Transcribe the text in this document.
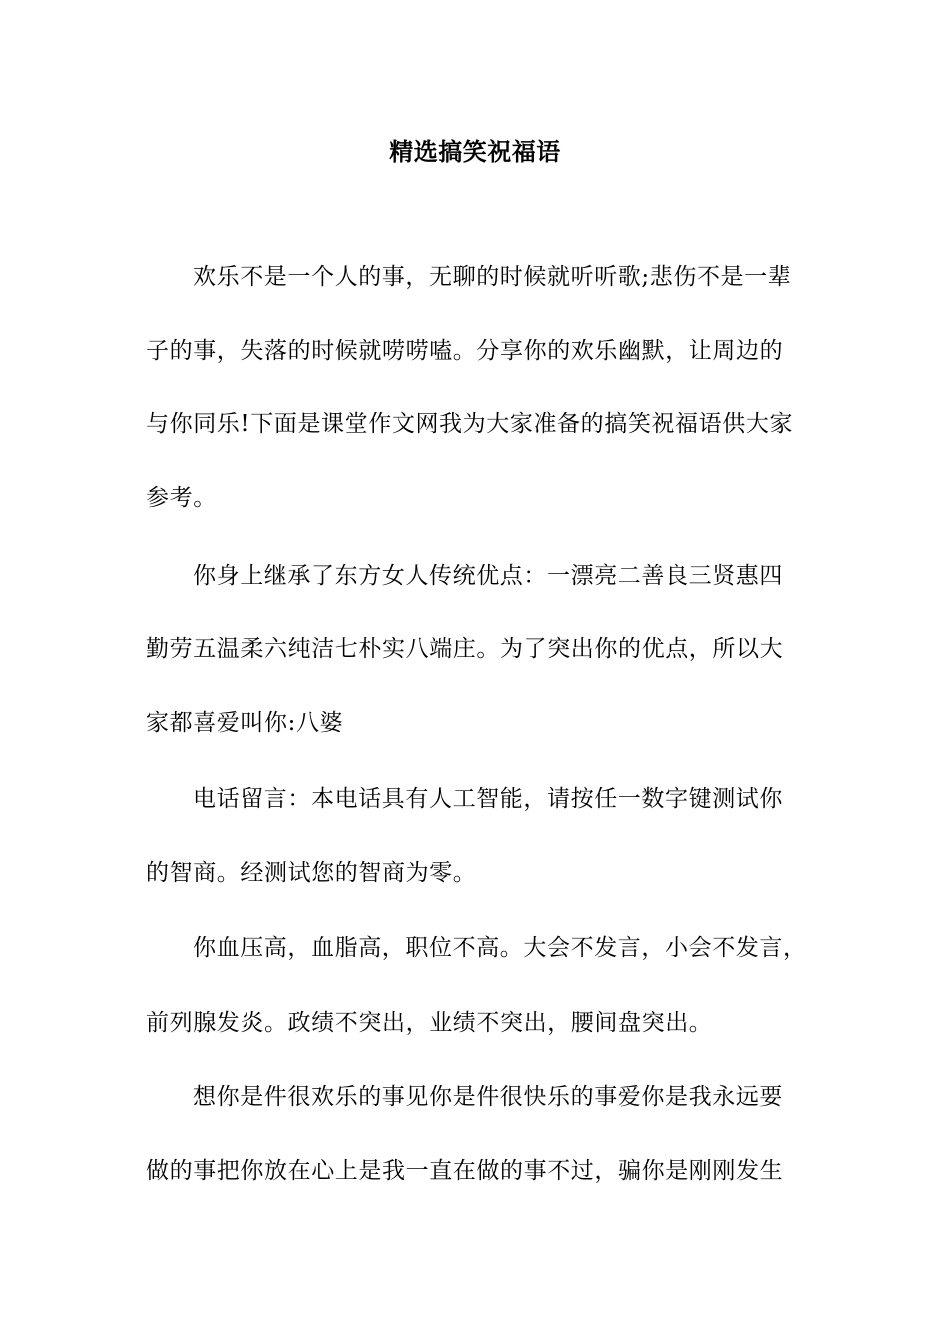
精选搞笑祝福语
欢乐不是一个人的事，无聊的时候就听听歌;悲伤不是一辈
子的事，失落的时候就唠唠嗑。分享你的欢乐幽默，让周边的
与你同乐!下面是课堂作文网我为大家准备的搞笑祝福语供大家
参考。
你身上继承了东方女人传统优点：一漂亮二善良三贤惠四
勤劳五温柔六纯洁七朴实八端庄。为了突出你的优点，所以大
家都喜爱叫你:八婆
电话留言：本电话具有人工智能，请按任一数字键测试你
的智商。经测试您的智商为零。
你血压高，血脂高，职位不高。大会不发言，小会不发言，
前列腺发炎。政绩不突出，业绩不突出，腰间盘突出。
想你是件很欢乐的事见你是件很快乐的事爱你是我永远要
做的事把你放在心上是我一直在做的事不过，骗你是刚刚发生
